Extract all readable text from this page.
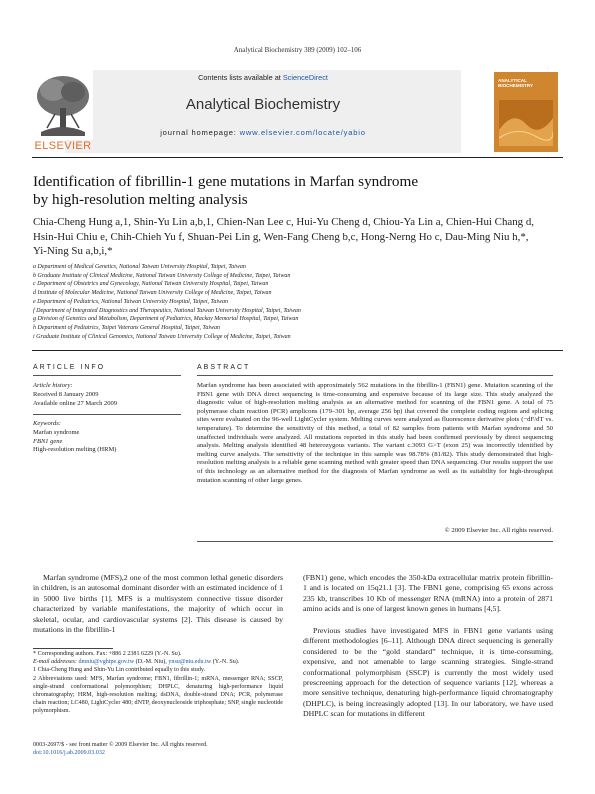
Analytical Biochemistry 389 (2009) 102–106
ELSEVIER
Contents lists available at ScienceDirect
Analytical Biochemistry
journal homepage: www.elsevier.com/locate/yabio
ANALYTICAL BIOCHEMISTRY
Identification of fibrillin-1 gene mutations in Marfan syndrome
by high-resolution melting analysis
Chia-Cheng Hung a,1, Shin-Yu Lin a,b,1, Chien-Nan Lee c, Hui-Yu Cheng d, Chiou-Ya Lin a, Chien-Hui Chang d,
Hsin-Hui Chiu e, Chih-Chieh Yu f, Shuan-Pei Lin g, Wen-Fang Cheng b,c, Hong-Nerng Ho c, Dau-Ming Niu h,*,
Yi-Ning Su a,b,i,*
a Department of Medical Genetics, National Taiwan University Hospital, Taipei, Taiwan
b Graduate Institute of Clinical Medicine, National Taiwan University College of Medicine, Taipei, Taiwan
c Department of Obstetrics and Gynecology, National Taiwan University Hospital, Taipei, Taiwan
d Institute of Molecular Medicine, National Taiwan University College of Medicine, Taipei, Taiwan
e Department of Pediatrics, National Taiwan University Hospital, Taipei, Taiwan
f Department of Integrated Diagnostics and Therapeutics, National Taiwan University Hospital, Taipei, Taiwan
g Division of Genetics and Metabolism, Department of Pediatrics, Mackay Memorial Hospital, Taipei, Taiwan
h Department of Pediatrics, Taipei Veterans General Hospital, Taipei, Taiwan
i Graduate Institute of Clinical Genomics, National Taiwan University College of Medicine, Taipei, Taiwan
ARTICLE INFO
Article history:
Received 8 January 2009
Available online 27 March 2009
Keywords:
Marfan syndrome
FBN1 gene
High-resolution melting (HRM)
ABSTRACT
Marfan syndrome has been associated with approximately 562 mutations in the fibrillin-1 (FBN1) gene. Mutation scanning of the FBN1 gene with DNA direct sequencing is time-consuming and expensive because of its large size. This study analyzed the diagnostic value of high-resolution melting analysis as an alternative method for scanning of the FBN1 gene. A total of 75 polymerase chain reaction (PCR) amplicons (179–301 bp, average 256 bp) that covered the complete coding regions and splicing sites were evaluated on the 96-well LightCycler system. Melting curves were analyzed as fluorescence derivative plots (−dF/dT vs. temperature). To determine the sensitivity of this method, a total of 82 samples from patients with Marfan syndrome and 50 unaffected individuals were analyzed. All mutations reported in this study had been confirmed previously by direct sequencing analysis. Melting analysis identified 48 heterozygous variants. The variant c.3093 G>T (exon 25) was incorrectly identified by melting curve analysis. The sensitivity of the technique in this sample was 98.78% (81/82). This study demonstrated that high-resolution melting analysis is a reliable gene scanning method with greater speed than DNA sequencing. Our results support the use of this technology as an alternative method for the diagnosis of Marfan syndrome as well as its suitability for high-throughput mutation scanning of other large genes.
© 2009 Elsevier Inc. All rights reserved.
Marfan syndrome (MFS),2 one of the most common lethal genetic disorders in children, is an autosomal dominant disorder with an estimated incidence of 1 in 5000 live births [1]. MFS is a multisystem connective tissue disorder characterized by variable manifestations, the majority of which occur in skeletal, ocular, and cardiovascular systems [2]. This disease is caused by mutations in the fibrillin-1
(FBN1) gene, which encodes the 350-kDa extracellular matrix protein fibrillin-1 and is located on 15q21.1 [3]. The FBN1 gene, comprising 65 exons across 235 kb, transcribes 10 Kb of messenger RNA (mRNA) into a protein of 2871 amino acids and is one of largest known genes in humans [4,5].
Previous studies have investigated MFS in FBN1 gene variants using different methodologies [6–11]. Although DNA direct sequencing is generally considered to be the “gold standard” technique, it is time-consuming, expensive, and not amenable to large scanning strategies. Single-strand conformational polymorphism (SSCP) is currently the most widely used prescreening approach for the detection of sequence variants [12], whereas a more sensitive technique, denaturing high-performance liquid chromatography (DHPLC), is being increasingly adopted [13]. In our laboratory, we have used DHPLC scan for mutations in different
* Corresponding authors. Fax: +886 2 2381 6229 (Y.-N. Su).
E-mail addresses: dmniu@vghtpe.gov.tw (D.-M. Niu), ynsu@ntu.edu.tw (Y.-N. Su).
1 Chia-Cheng Hung and Shin-Yu Lin contributed equally to this study.
2 Abbreviations used: MFS, Marfan syndrome; FBN1, fibrillin-1; mRNA, messenger RNA; SSCP, single-strand conformational polymorphism; DHPLC, denaturing high-performance liquid chromatography; HRM, high-resolution melting; dsDNA, double-strand DNA; PCR, polymerase chain reaction; LC480, LightCycler 480; dNTP, deoxynucleoside triphosphate; SNP, single nucleotide polymorphism.
0003-2697/$ - see front matter © 2009 Elsevier Inc. All rights reserved.
doi:10.1016/j.ab.2009.03.032
